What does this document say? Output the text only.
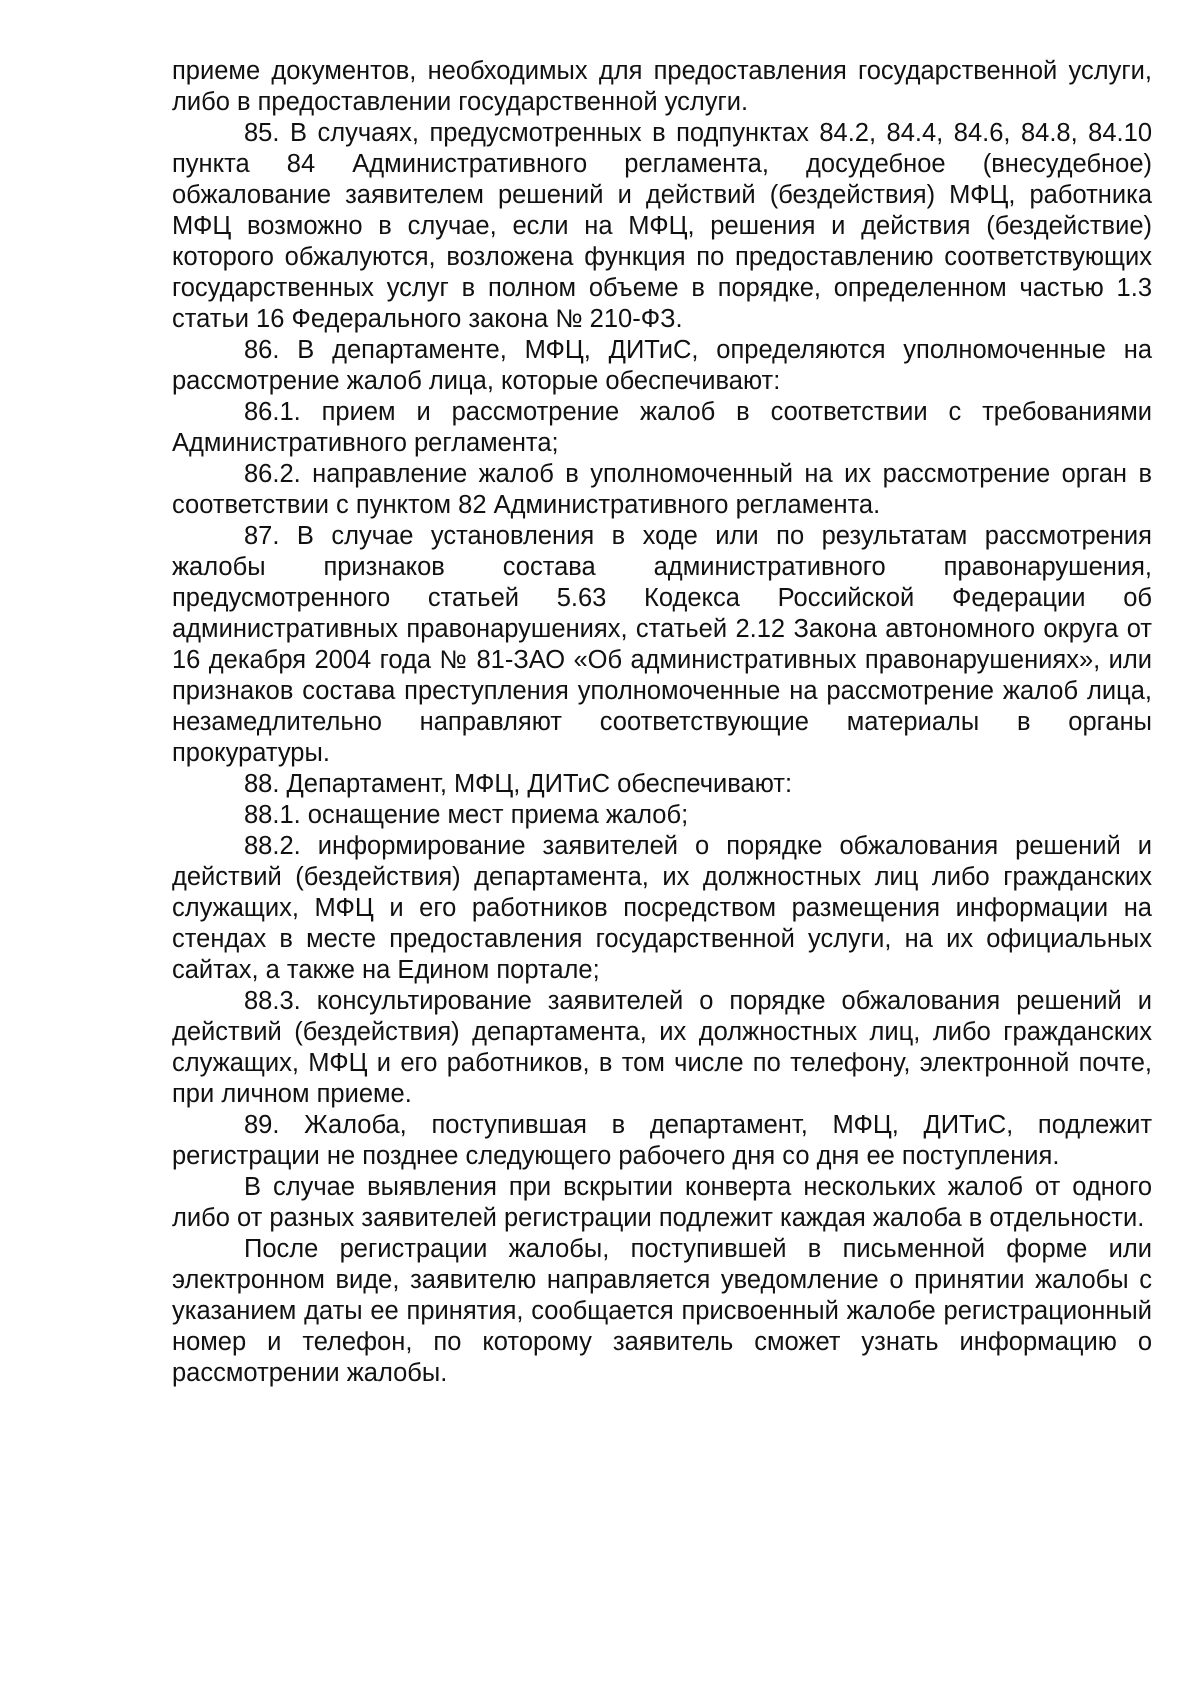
приеме документов, необходимых для предоставления государственной услуги, либо в предоставлении государственной услуги.

85. В случаях, предусмотренных в подпунктах 84.2, 84.4, 84.6, 84.8, 84.10 пункта 84 Административного регламента, досудебное (внесудебное) обжалование заявителем решений и действий (бездействия) МФЦ, работника МФЦ возможно в случае, если на МФЦ, решения и действия (бездействие) которого обжалуются, возложена функция по предоставлению соответствующих государственных услуг в полном объеме в порядке, определенном частью 1.3 статьи 16 Федерального закона № 210-ФЗ.

86. В департаменте, МФЦ, ДИТиС, определяются уполномоченные на рассмотрение жалоб лица, которые обеспечивают:

86.1. прием и рассмотрение жалоб в соответствии с требованиями Административного регламента;

86.2. направление жалоб в уполномоченный на их рассмотрение орган в соответствии с пунктом 82 Административного регламента.

87. В случае установления в ходе или по результатам рассмотрения жалобы признаков состава административного правонарушения, предусмотренного статьей 5.63 Кодекса Российской Федерации об административных правонарушениях, статьей 2.12 Закона автономного округа от 16 декабря 2004 года № 81-ЗАО «Об административных правонарушениях», или признаков состава преступления уполномоченные на рассмотрение жалоб лица, незамедлительно направляют соответствующие материалы в органы прокуратуры.

88. Департамент, МФЦ, ДИТиС обеспечивают:

88.1. оснащение мест приема жалоб;

88.2. информирование заявителей о порядке обжалования решений и действий (бездействия) департамента, их должностных лиц либо гражданских служащих, МФЦ и его работников посредством размещения информации на стендах в месте предоставления государственной услуги, на их официальных сайтах, а также на Едином портале;

88.3. консультирование заявителей о порядке обжалования решений и действий (бездействия) департамента, их должностных лиц, либо гражданских служащих, МФЦ и его работников, в том числе по телефону, электронной почте, при личном приеме.

89. Жалоба, поступившая в департамент, МФЦ, ДИТиС, подлежит регистрации не позднее следующего рабочего дня со дня ее поступления.

В случае выявления при вскрытии конверта нескольких жалоб от одного либо от разных заявителей регистрации подлежит каждая жалоба в отдельности.

После регистрации жалобы, поступившей в письменной форме или электронном виде, заявителю направляется уведомление о принятии жалобы с указанием даты ее принятия, сообщается присвоенный жалобе регистрационный номер и телефон, по которому заявитель сможет узнать информацию о рассмотрении жалобы.
